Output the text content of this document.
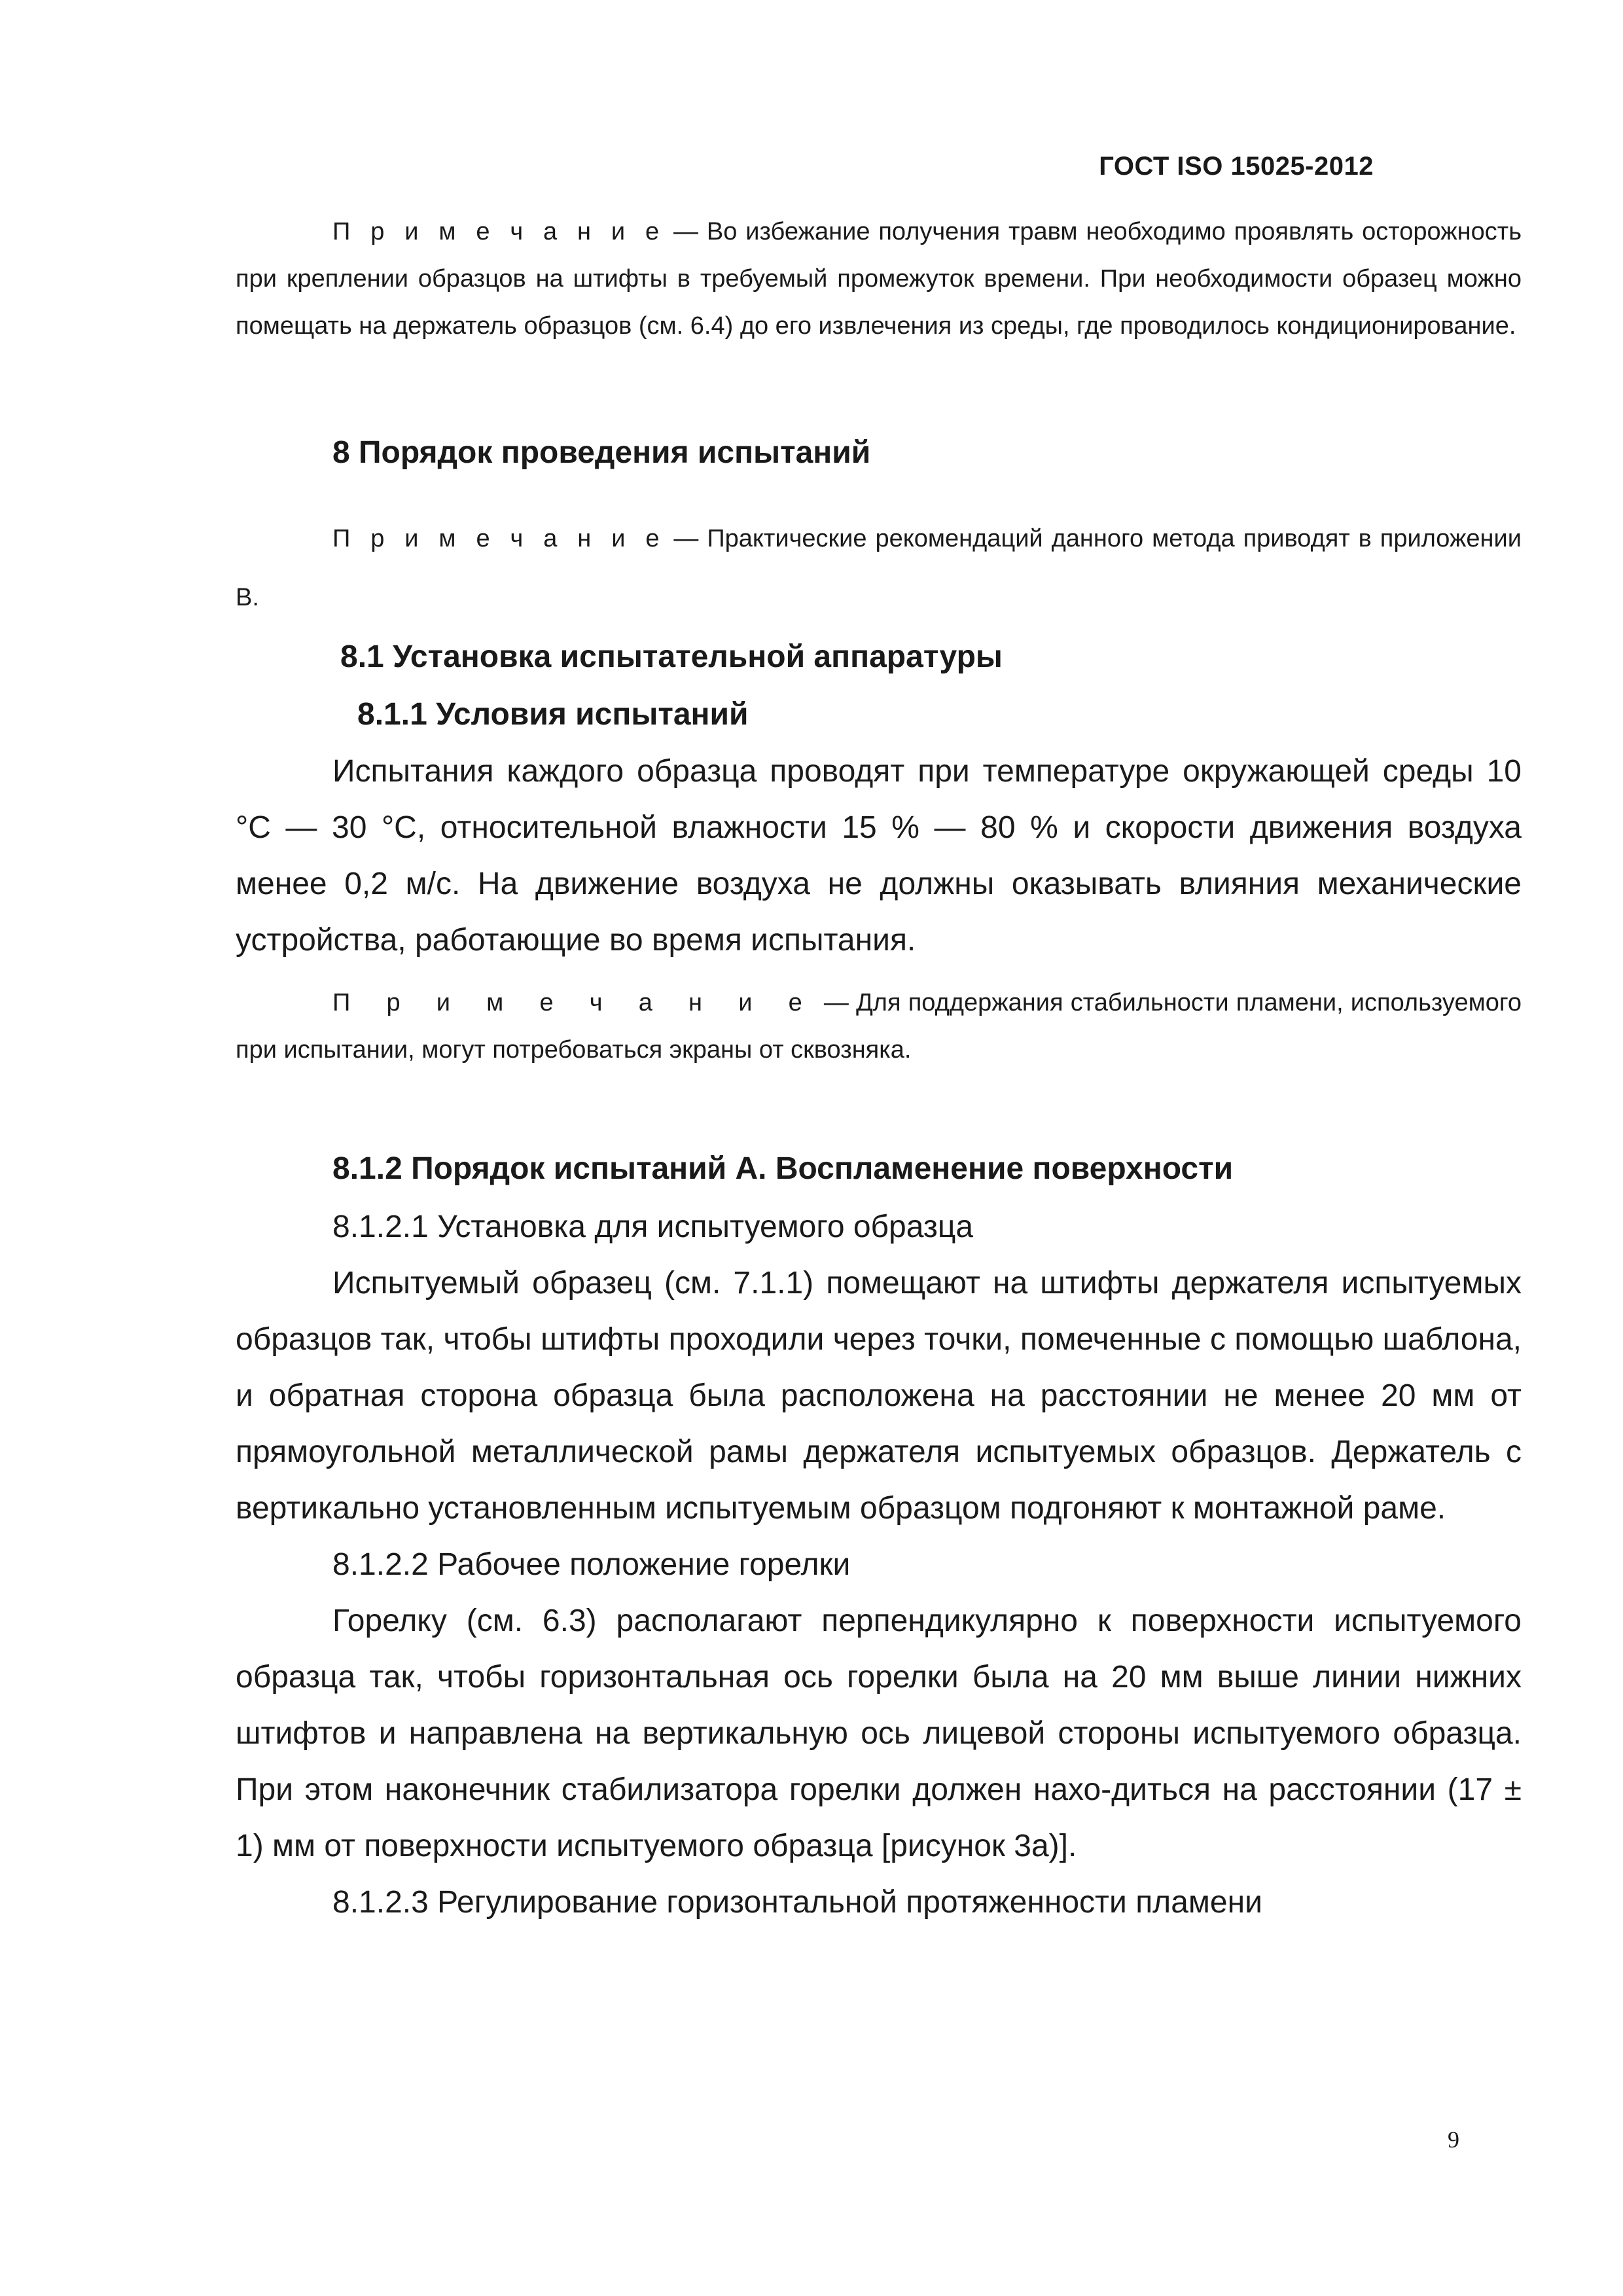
ГОСТ ISO 15025-2012
П р и м е ч а н и е — Во избежание получения травм необходимо проявлять осторожность при креплении образцов на штифты в требуемый промежуток времени. При необходимости образец можно помещать на держатель образцов (см. 6.4) до его извлечения из среды, где проводилось кондиционирование.
8 Порядок проведения испытаний
П р и м е ч а н и е — Практические рекомендаций данного метода приводят в приложении В.
8.1 Установка испытательной аппаратуры
8.1.1 Условия испытаний

Испытания каждого образца проводят при температуре окружающей среды 10 °С — 30 °С, относительной влажности 15 % — 80 % и скорости движения воздуха менее 0,2 м/с. На движение воздуха не должны оказывать влияния механические устройства, работающие во время испытания.

П р и м е ч а н и е — Для поддержания стабильности пламени, используемого при испытании, могут потребоваться экраны от сквозняка.
8.1.2 Порядок испытаний А. Воспламенение поверхности

8.1.2.1 Установка для испытуемого образца

Испытуемый образец (см. 7.1.1) помещают на штифты держателя испытуемых образцов так, чтобы штифты проходили через точки, помеченные с помощью шаблона, и обратная сторона образца была расположена на расстоянии не менее 20 мм от прямоугольной металлической рамы держателя испытуемых образцов. Держатель с вертикально установленным испытуемым образцом подгоняют к монтажной раме.

8.1.2.2 Рабочее положение горелки

Горелку (см. 6.3) располагают перпендикулярно к поверхности испытуемого образца так, чтобы горизонтальная ось горелки была на 20 мм выше линии нижних штифтов и направлена на вертикальную ось лицевой стороны испытуемого образца. При этом наконечник стабилизатора горелки должен нахо-диться на расстоянии (17 ± 1) мм от поверхности испытуемого образца [рисунок 3а)].

8.1.2.3 Регулирование горизонтальной протяженности пламени

9
